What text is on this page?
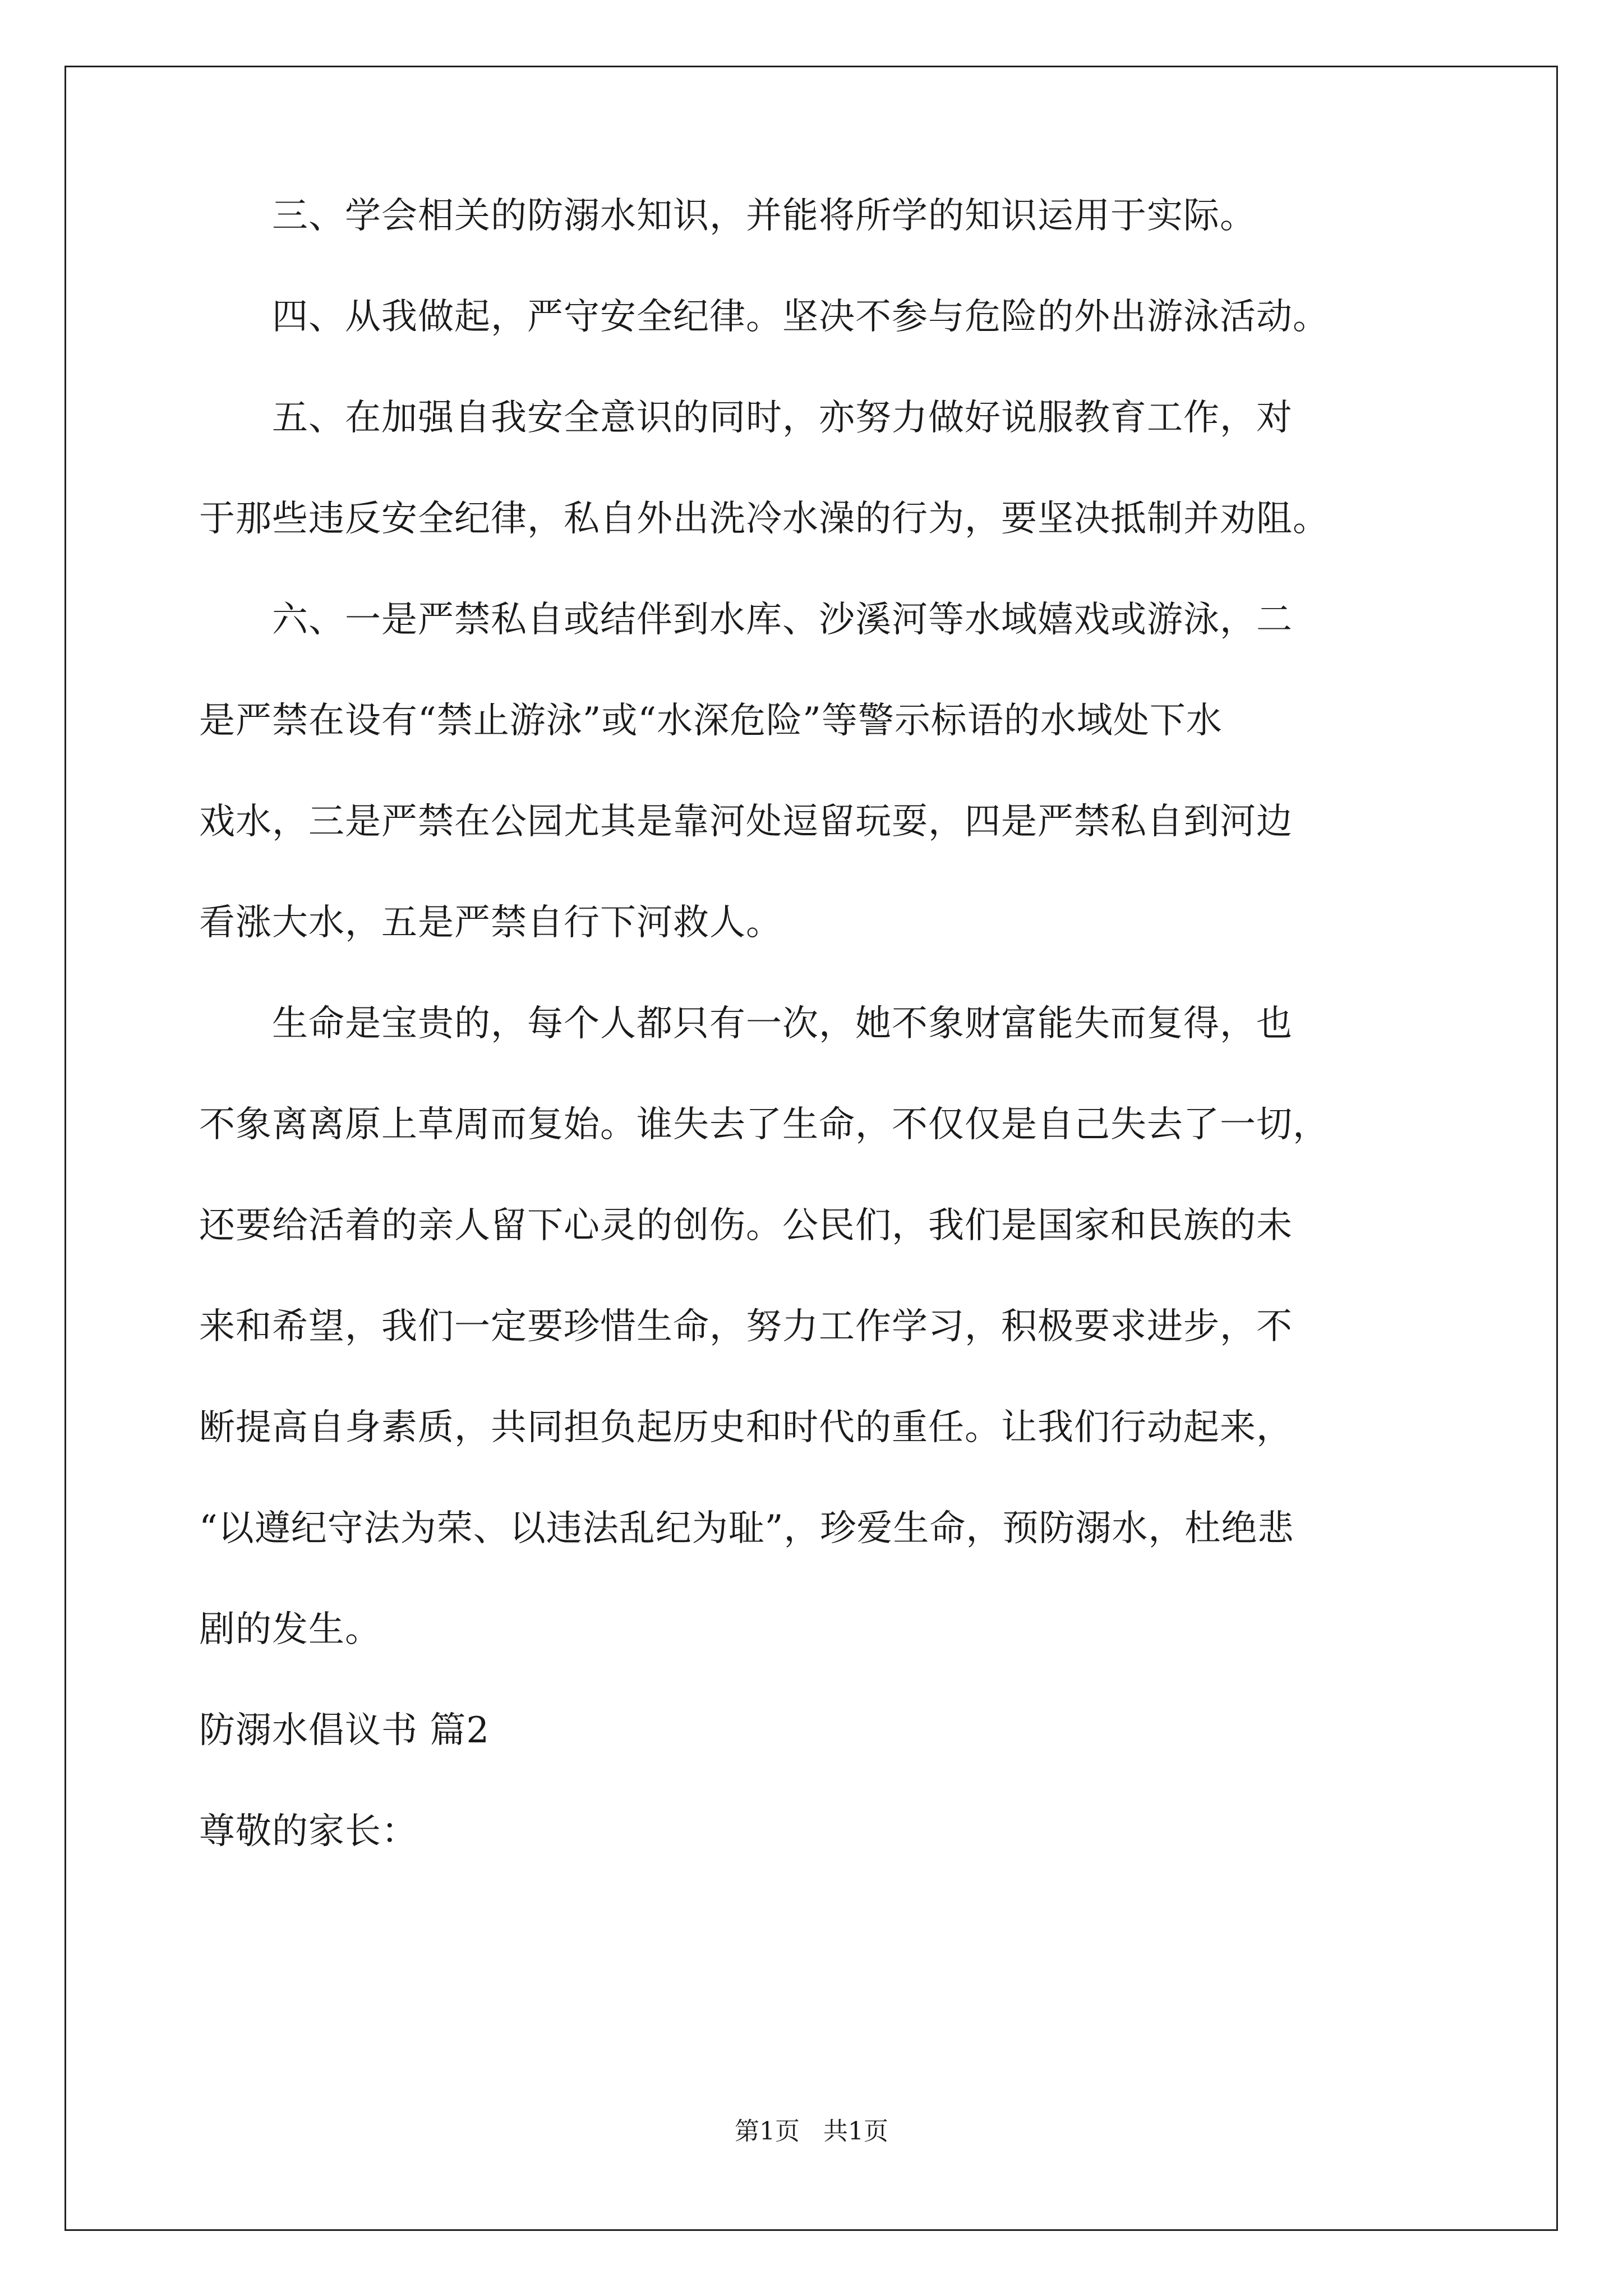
　　三、学会相关的防溺水知识，并能将所学的知识运用于实际。
　　四、从我做起，严守安全纪律。坚决不参与危险的外出游泳活动。
　　五、在加强自我安全意识的同时，亦努力做好说服教育工作，对
于那些违反安全纪律，私自外出洗冷水澡的行为，要坚决抵制并劝阻。
　　六、一是严禁私自或结伴到水库、沙溪河等水域嬉戏或游泳，二
是严禁在设有“禁止游泳”或“水深危险”等警示标语的水域处下水
戏水，三是严禁在公园尤其是靠河处逗留玩耍，四是严禁私自到河边
看涨大水，五是严禁自行下河救人。
　　生命是宝贵的，每个人都只有一次，她不象财富能失而复得，也
不象离离原上草周而复始。谁失去了生命，不仅仅是自己失去了一切，
还要给活着的亲人留下心灵的创伤。公民们，我们是国家和民族的未
来和希望，我们一定要珍惜生命，努力工作学习，积极要求进步，不
断提高自身素质，共同担负起历史和时代的重任。让我们行动起来，
“以遵纪守法为荣、以违法乱纪为耻”，珍爱生命，预防溺水，杜绝悲
剧的发生。
防溺水倡议书 篇2
尊敬的家长：
第1页   共1页
